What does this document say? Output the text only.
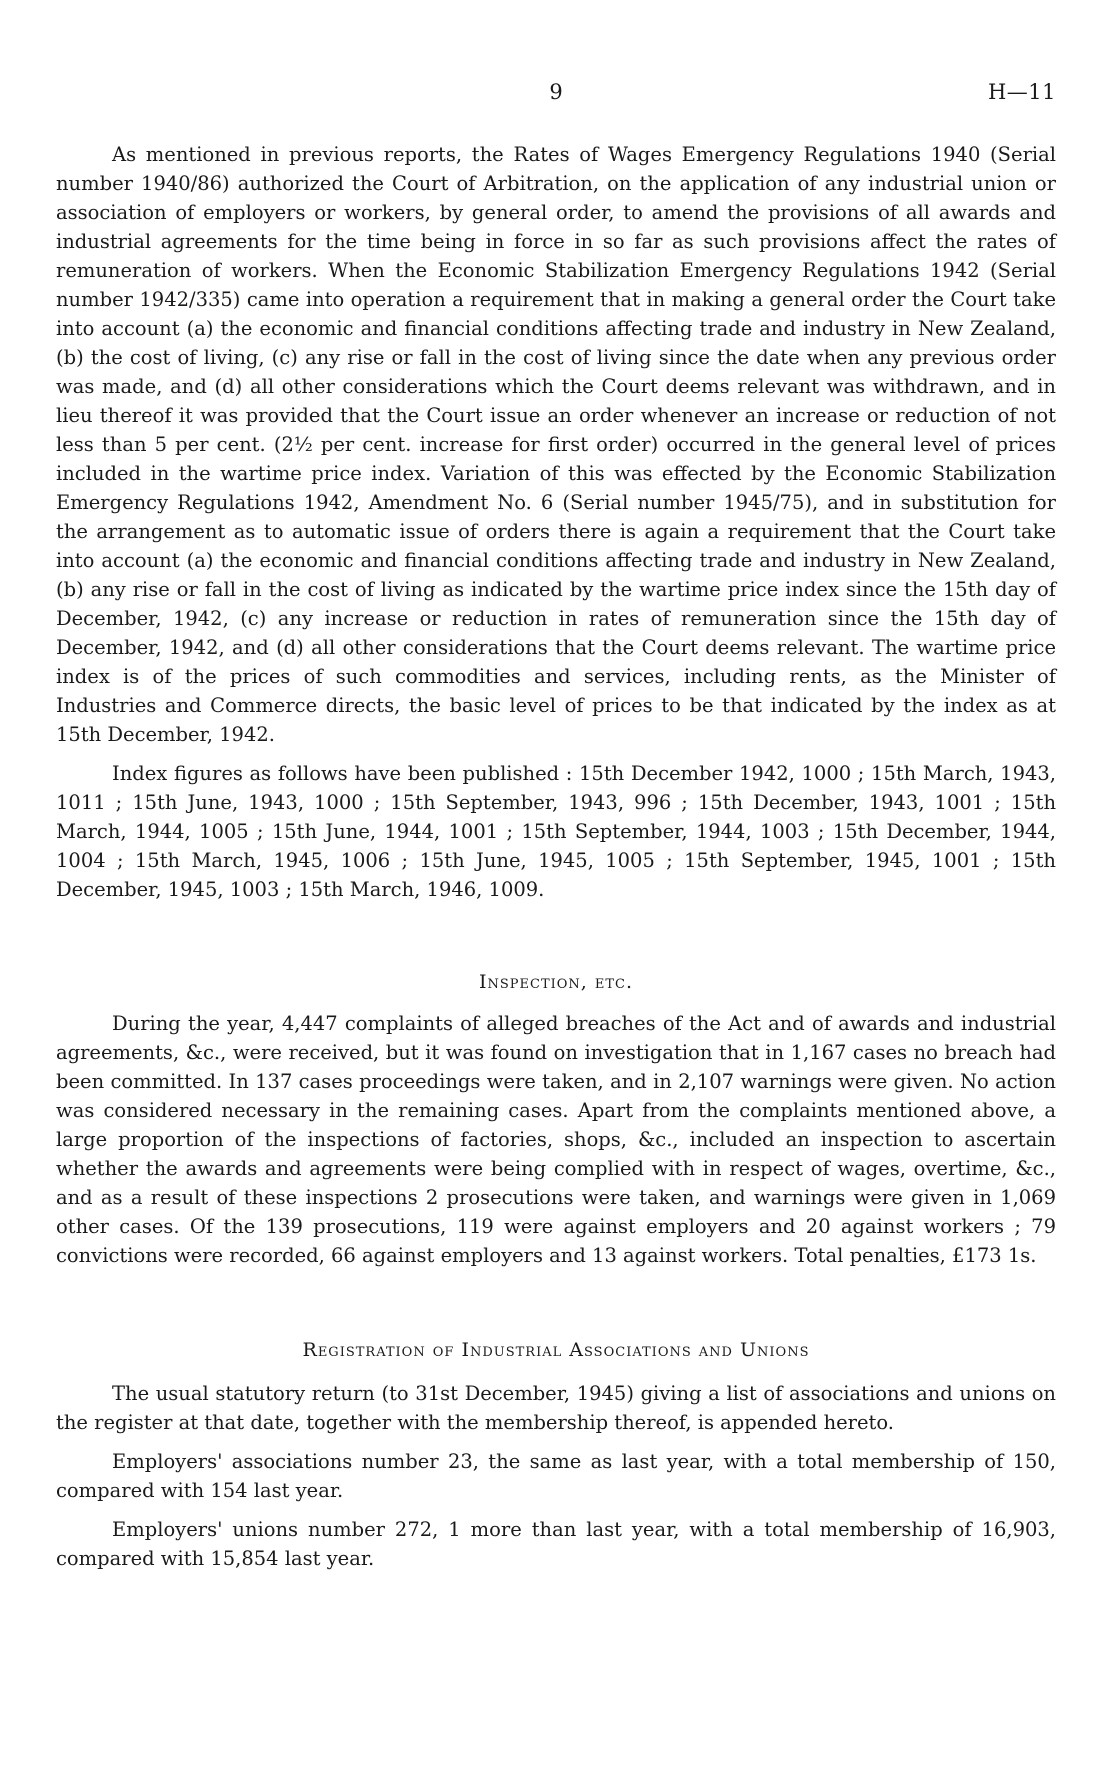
9	H—11

As mentioned in previous reports, the Rates of Wages Emergency Regulations 1940 (Serial number 1940/86) authorized the Court of Arbitration, on the application of any industrial union or association of employers or workers, by general order, to amend the provisions of all awards and industrial agreements for the time being in force in so far as such provisions affect the rates of remuneration of workers. When the Economic Stabilization Emergency Regulations 1942 (Serial number 1942/335) came into operation a requirement that in making a general order the Court take into account (a) the economic and financial conditions affecting trade and industry in New Zealand, (b) the cost of living, (c) any rise or fall in the cost of living since the date when any previous order was made, and (d) all other considerations which the Court deems relevant was withdrawn, and in lieu thereof it was provided that the Court issue an order whenever an increase or reduction of not less than 5 per cent. (2½ per cent. increase for first order) occurred in the general level of prices included in the wartime price index. Variation of this was effected by the Economic Stabilization Emergency Regulations 1942, Amendment No. 6 (Serial number 1945/75), and in substitution for the arrangement as to automatic issue of orders there is again a requirement that the Court take into account (a) the economic and financial conditions affecting trade and industry in New Zealand, (b) any rise or fall in the cost of living as indicated by the wartime price index since the 15th day of December, 1942, (c) any increase or reduction in rates of remuneration since the 15th day of December, 1942, and (d) all other considerations that the Court deems relevant. The wartime price index is of the prices of such commodities and services, including rents, as the Minister of Industries and Commerce directs, the basic level of prices to be that indicated by the index as at 15th December, 1942.

Index figures as follows have been published : 15th December 1942, 1000 ; 15th March, 1943, 1011 ; 15th June, 1943, 1000 ; 15th September, 1943, 996 ; 15th December, 1943, 1001 ; 15th March, 1944, 1005 ; 15th June, 1944, 1001 ; 15th September, 1944, 1003 ; 15th December, 1944, 1004 ; 15th March, 1945, 1006 ; 15th June, 1945, 1005 ; 15th September, 1945, 1001 ; 15th December, 1945, 1003 ; 15th March, 1946, 1009.

Inspection, etc.

During the year, 4,447 complaints of alleged breaches of the Act and of awards and industrial agreements, &c., were received, but it was found on investigation that in 1,167 cases no breach had been committed. In 137 cases proceedings were taken, and in 2,107 warnings were given. No action was considered necessary in the remaining cases. Apart from the complaints mentioned above, a large proportion of the inspections of factories, shops, &c., included an inspection to ascertain whether the awards and agreements were being complied with in respect of wages, overtime, &c., and as a result of these inspections 2 prosecutions were taken, and warnings were given in 1,069 other cases. Of the 139 prosecutions, 119 were against employers and 20 against workers ; 79 convictions were recorded, 66 against employers and 13 against workers. Total penalties, £173 1s.

Registration of Industrial Associations and Unions

The usual statutory return (to 31st December, 1945) giving a list of associations and unions on the register at that date, together with the membership thereof, is appended hereto.

Employers' associations number 23, the same as last year, with a total membership of 150, compared with 154 last year.

Employers' unions number 272, 1 more than last year, with a total membership of 16,903, compared with 15,854 last year.
